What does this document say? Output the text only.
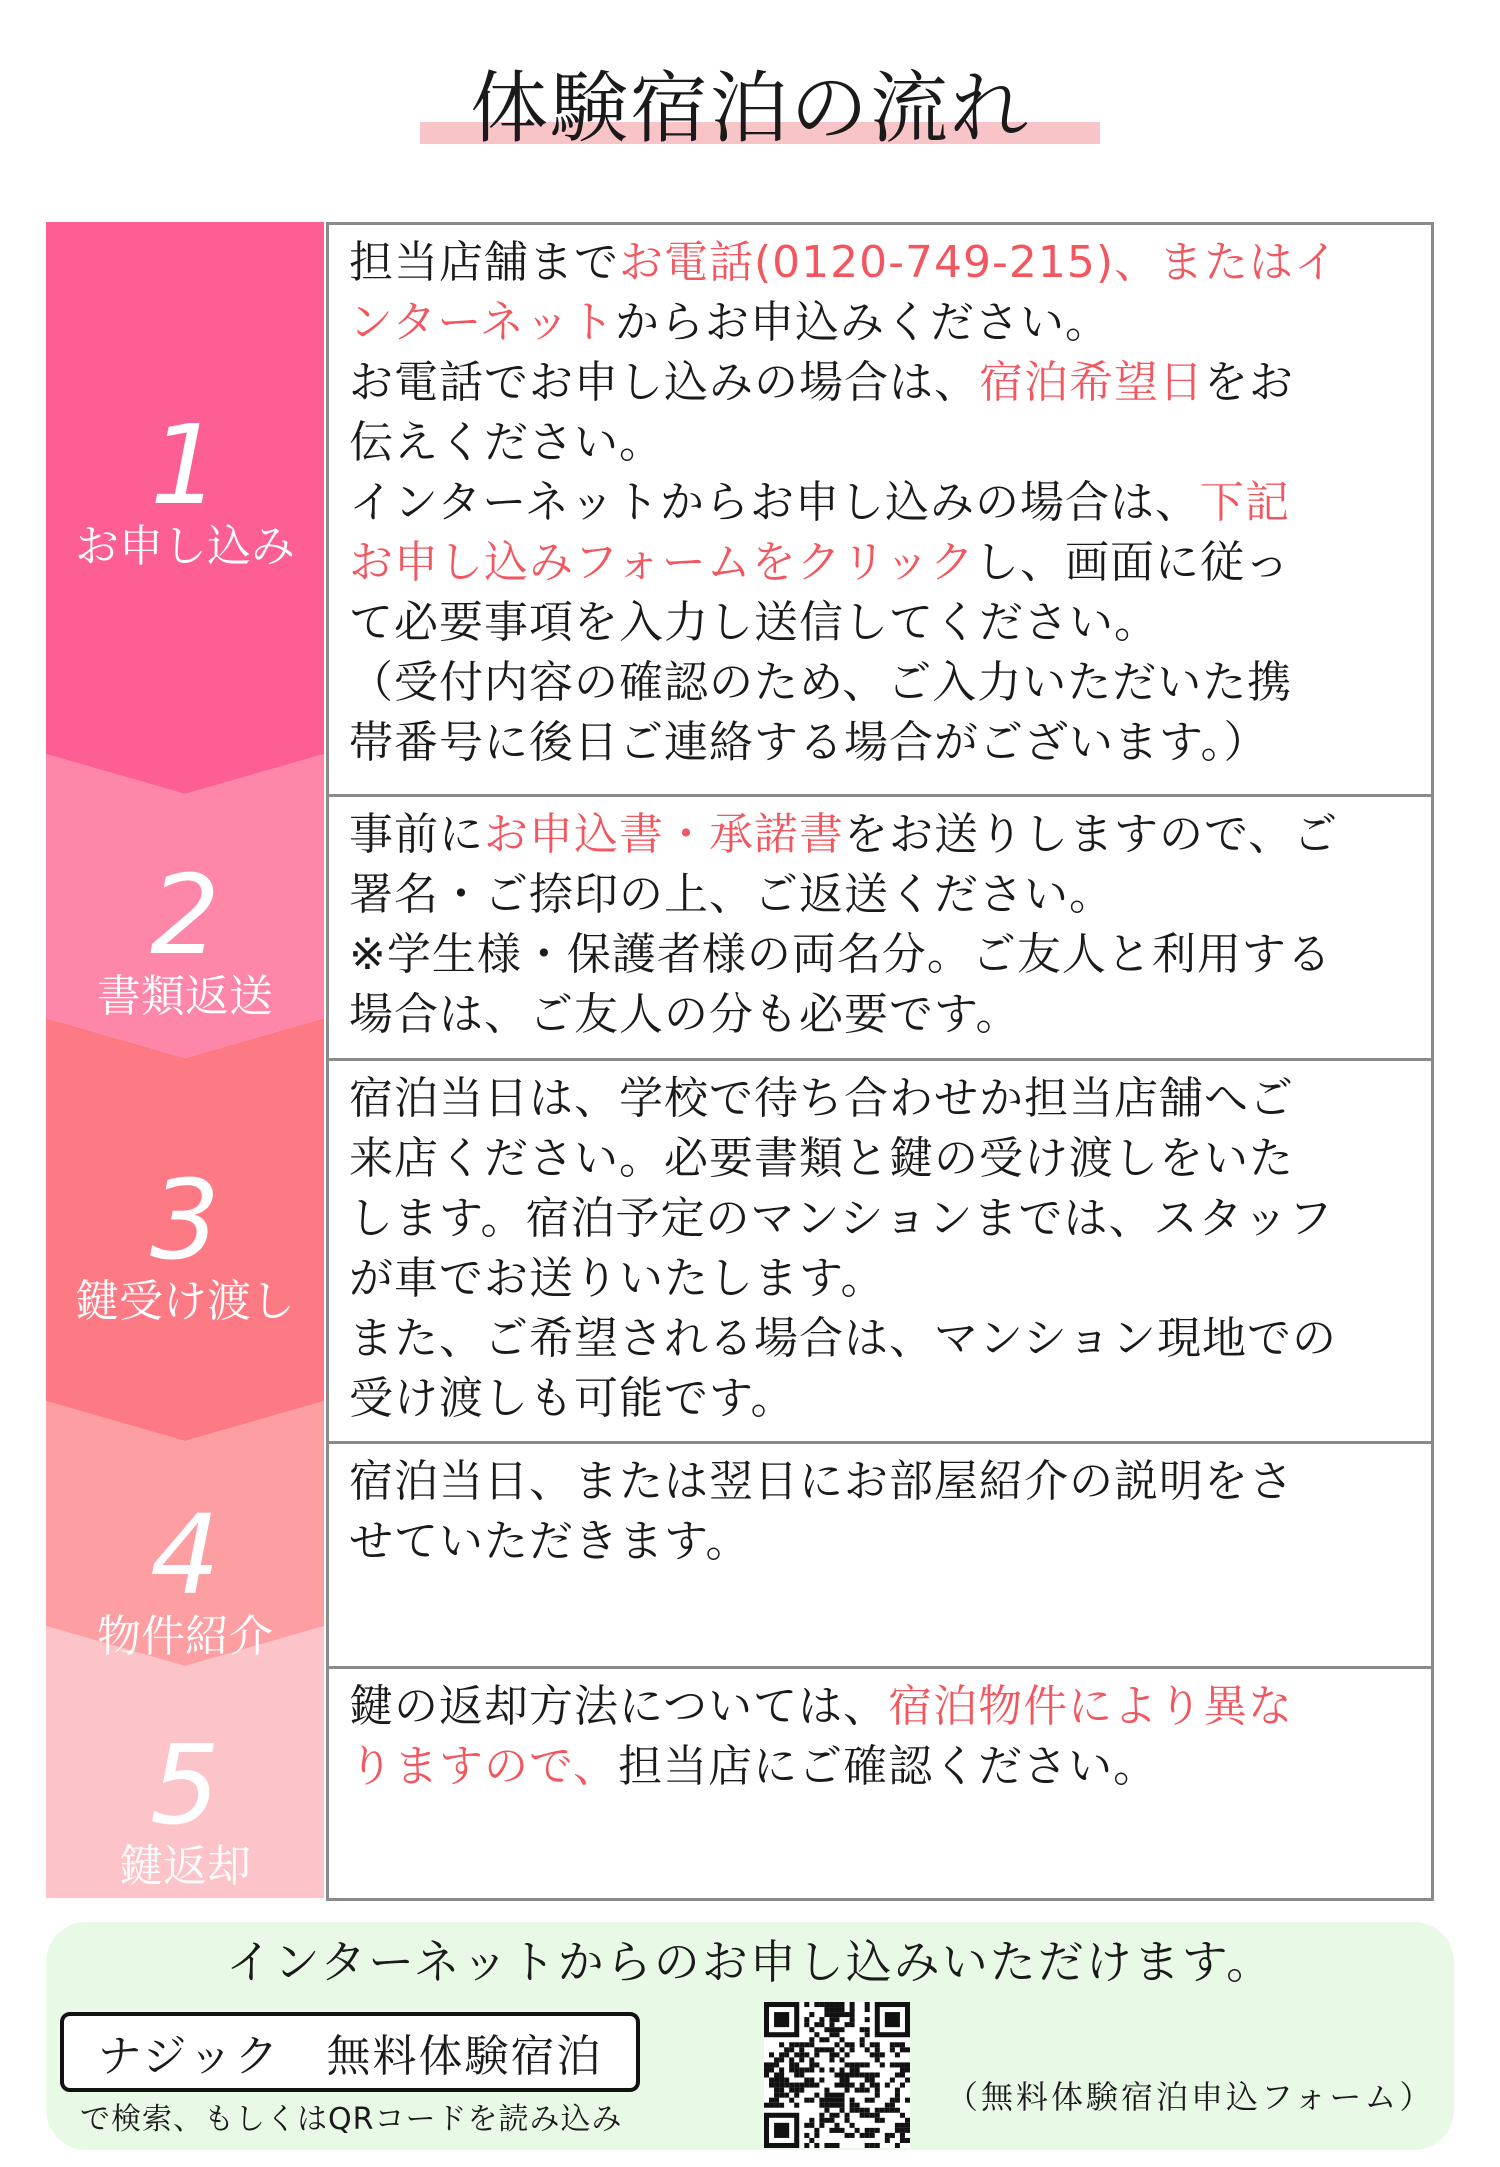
体験宿泊の流れ
1
お申し込み
2
書類返送
3
鍵受け渡し
4
物件紹介
5
鍵返却
担当店舗までお電話(0120-749-215)、またはイ
ンターネットからお申込みください。
お電話でお申し込みの場合は、宿泊希望日をお
伝えください。
インターネットからお申し込みの場合は、下記
お申し込みフォームをクリックし、画面に従っ
て必要事項を入力し送信してください。
（受付内容の確認のため、ご入力いただいた携
帯番号に後日ご連絡する場合がございます。）
事前にお申込書・承諾書をお送りしますので、ご
署名・ご捺印の上、ご返送ください。
※学生様・保護者様の両名分。ご友人と利用する
場合は、ご友人の分も必要です。
宿泊当日は、学校で待ち合わせか担当店舗へご
来店ください。必要書類と鍵の受け渡しをいた
します。宿泊予定のマンションまでは、スタッフ
が車でお送りいたします。
また、ご希望される場合は、マンション現地での
受け渡しも可能です。
宿泊当日、または翌日にお部屋紹介の説明をさ
せていただきます。
鍵の返却方法については、宿泊物件により異な
りますので、担当店にご確認ください。
インターネットからのお申し込みいただけます。
ナジック　無料体験宿泊
で検索、もしくはQRコードを読み込み
（無料体験宿泊申込フォーム）
